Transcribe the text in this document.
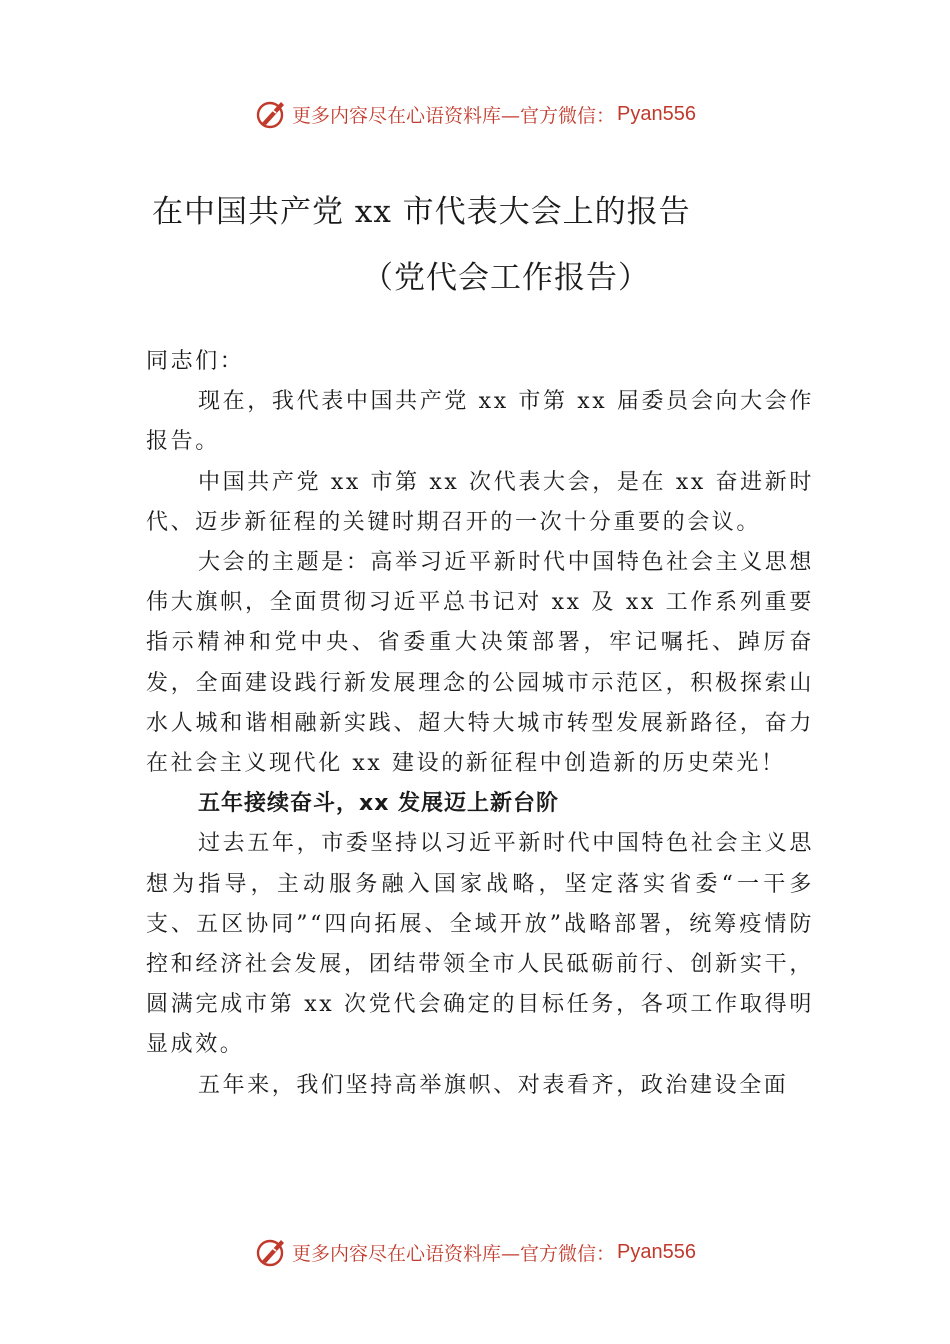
更多内容尽在心语资料库 —官方微信： Pyan556
在中国共产党 xx 市代表大会上的报告
（党代会工作报告）

同志们：

现在，我代表中国共产党 xx 市第 xx 届委员会向大会作报告。

中国共产党 xx 市第 xx 次代表大会，是在 xx 奋进新时代、迈步新征程的关键时期召开的一次十分重要的会议。

大会的主题是：高举习近平新时代中国特色社会主义思想伟大旗帜，全面贯彻习近平总书记对 xx 及 xx 工作系列重要指示精神和党中央、省委重大决策部署，牢记嘱托、踔厉奋发，全面建设践行新发展理念的公园城市示范区，积极探索山水人城和谐相融新实践、超大特大城市转型发展新路径，奋力在社会主义现代化 xx 建设的新征程中创造新的历史荣光！

五年接续奋斗，xx 发展迈上新台阶

过去五年，市委坚持以习近平新时代中国特色社会主义思想为指导，主动服务融入国家战略，坚定落实省委“一干多支、五区协同”“四向拓展、全域开放”战略部署，统筹疫情防控和经济社会发展，团结带领全市人民砥砺前行、创新实干，圆满完成市第 xx 次党代会确定的目标任务，各项工作取得明显成效。

五年来，我们坚持高举旗帜、对表看齐，政治建设全面

更多内容尽在心语资料库 —官方微信： Pyan556
